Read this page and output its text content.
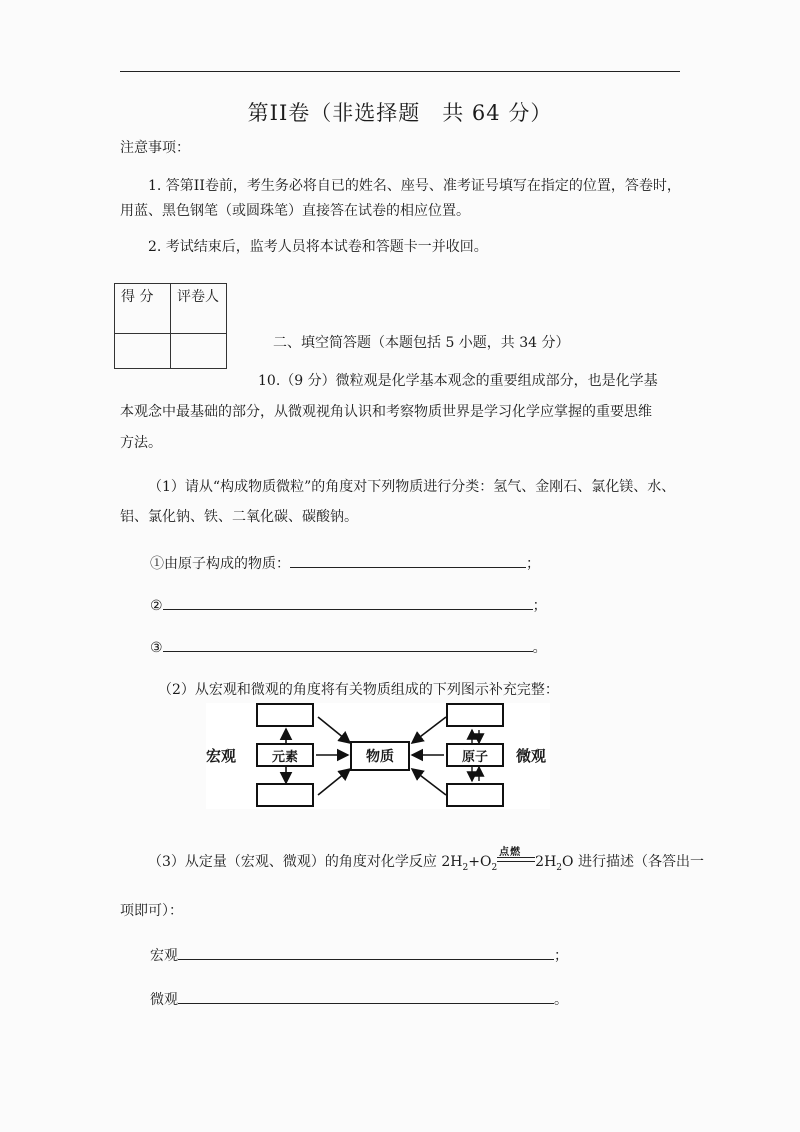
第II卷（非选择题　共 64 分）
注意事项：
1. 答第II卷前，考生务必将自已的姓名、座号、准考证号填写在指定的位置，答卷时，
用蓝、黑色钢笔（或圆珠笔）直接答在试卷的相应位置。
2. 考试结束后，监考人员将本试卷和答题卡一并收回。
得 分	评卷人

二、填空简答题（本题包括 5 小题，共 34 分）
10.（9 分）微粒观是化学基本观念的重要组成部分，也是化学基
本观念中最基础的部分，从微观视角认识和考察物质世界是学习化学应掌握的重要思维
方法。
（1）请从“构成物质微粒”的角度对下列物质进行分类：氢气、金刚石、氯化镁、水、
铝、氯化钠、铁、二氧化碳、碳酸钠。
①由原子构成的物质：	；
②	；
③	。
（2）从宏观和微观的角度将有关物质组成的下列图示补充完整：
宏观	微观
元素	物质	原子
（3）从定量（宏观、微观）的角度对化学反应 $2H_2+O_2$
点燃
$2H_2O$ 进行描述（各答出一
项即可）：
宏观	；
微观	。
